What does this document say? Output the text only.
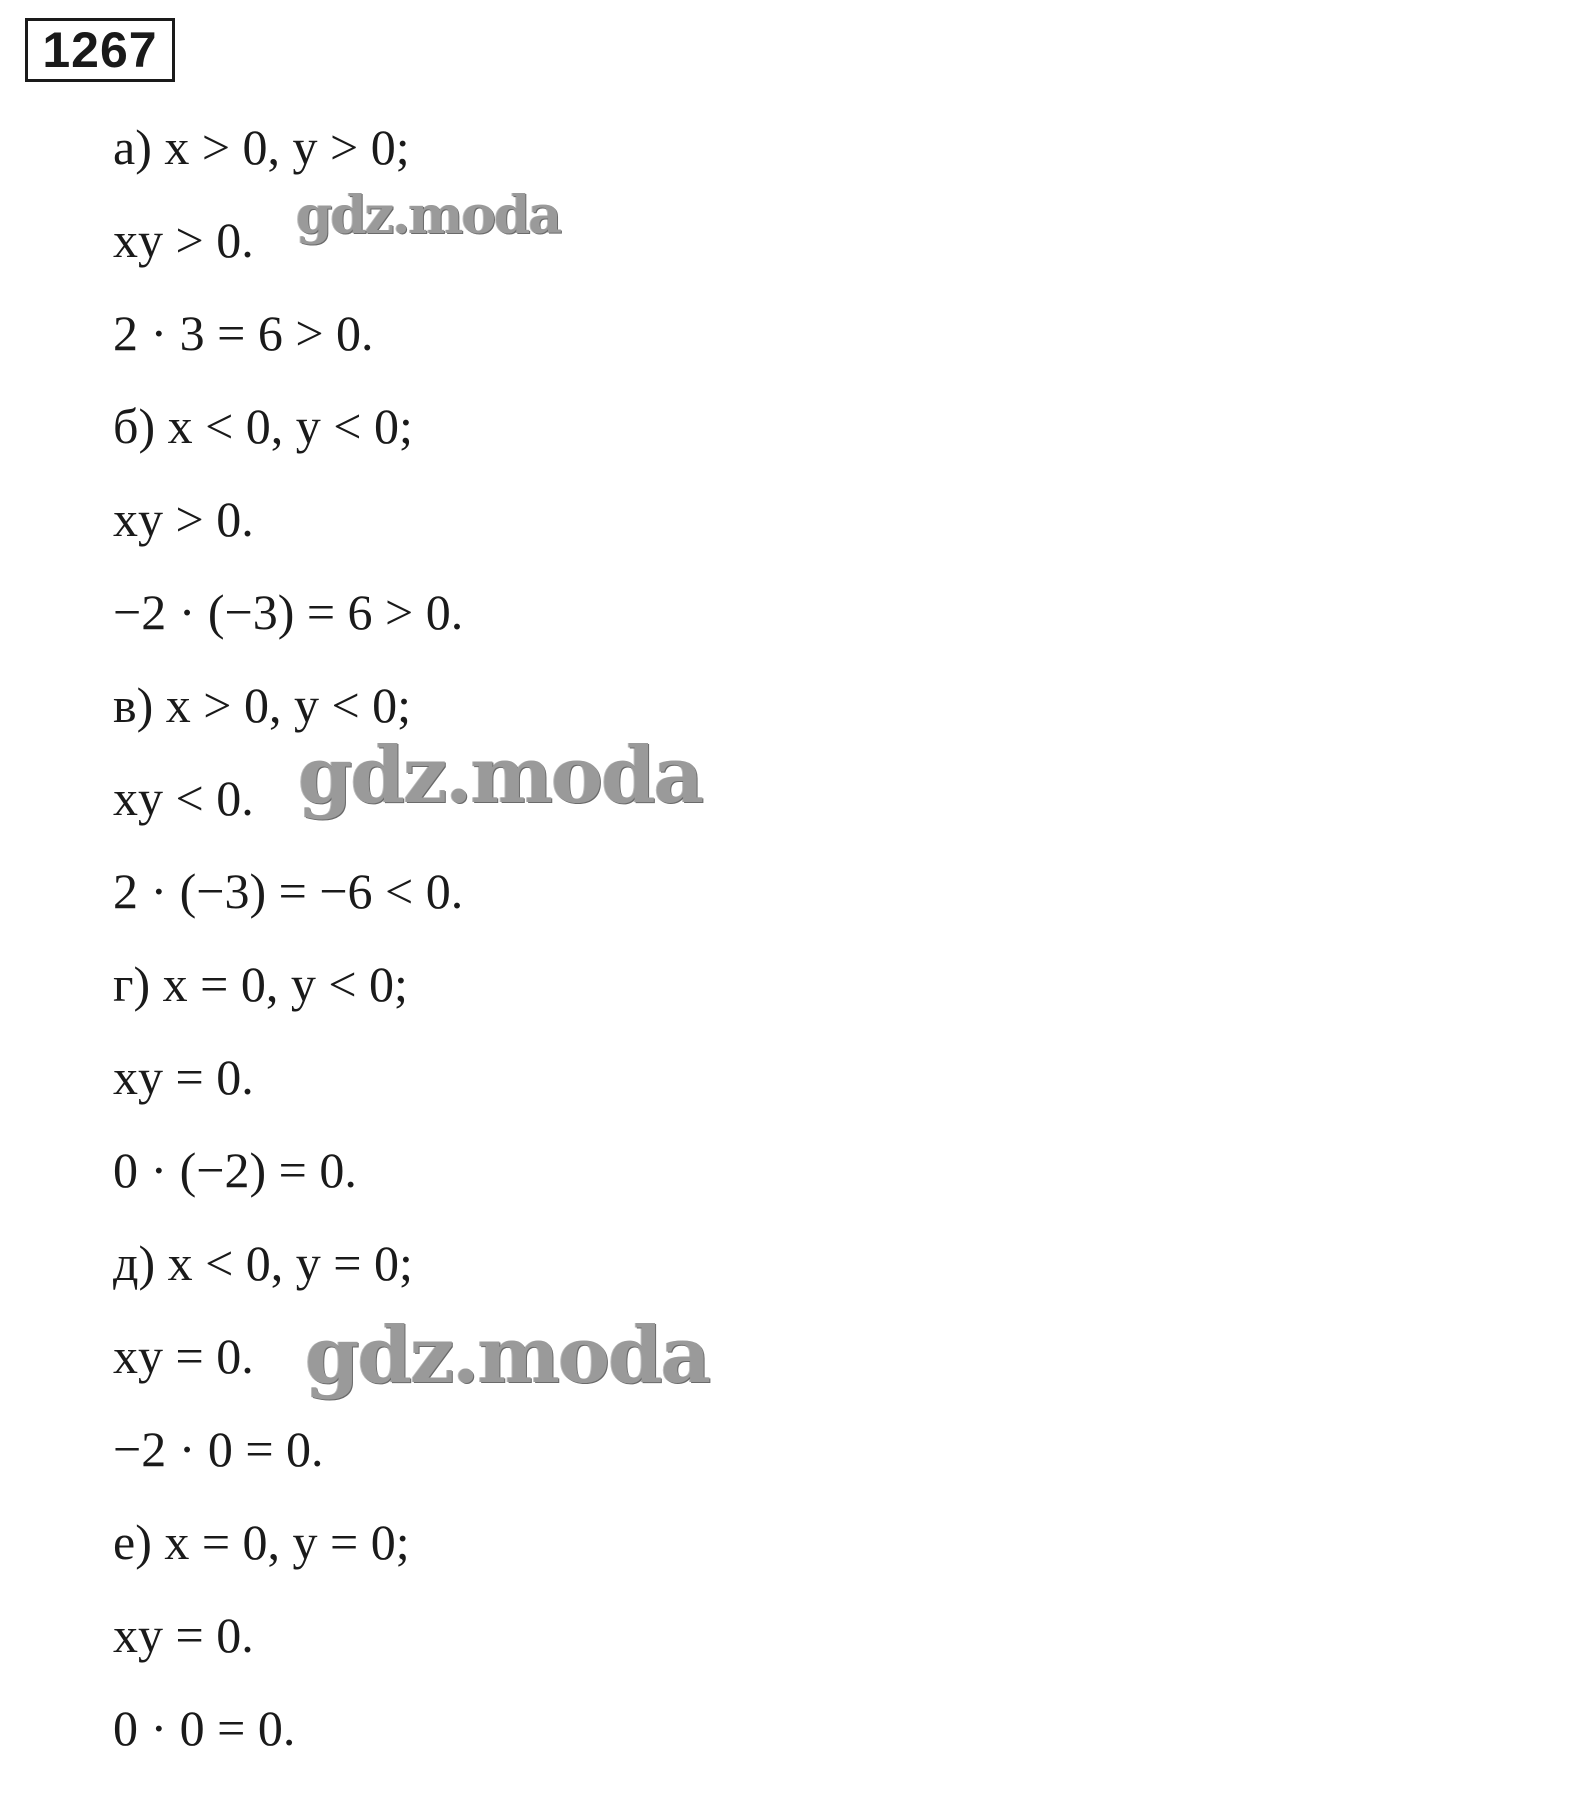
1267
а) x > 0, y > 0;
xy > 0.
2 · 3 = 6 > 0.
б) x < 0, y < 0;
xy > 0.
−2 · (−3) = 6 > 0.
в) x > 0, y < 0;
xy < 0.
2 · (−3) = −6 < 0.
г) x = 0, y < 0;
xy = 0.
0 · (−2) = 0.
д) x < 0, y = 0;
xy = 0.
−2 · 0 = 0.
е) x = 0, y = 0;
xy = 0.
0 · 0 = 0.
gdz.moda
gdz.moda
gdz.moda
